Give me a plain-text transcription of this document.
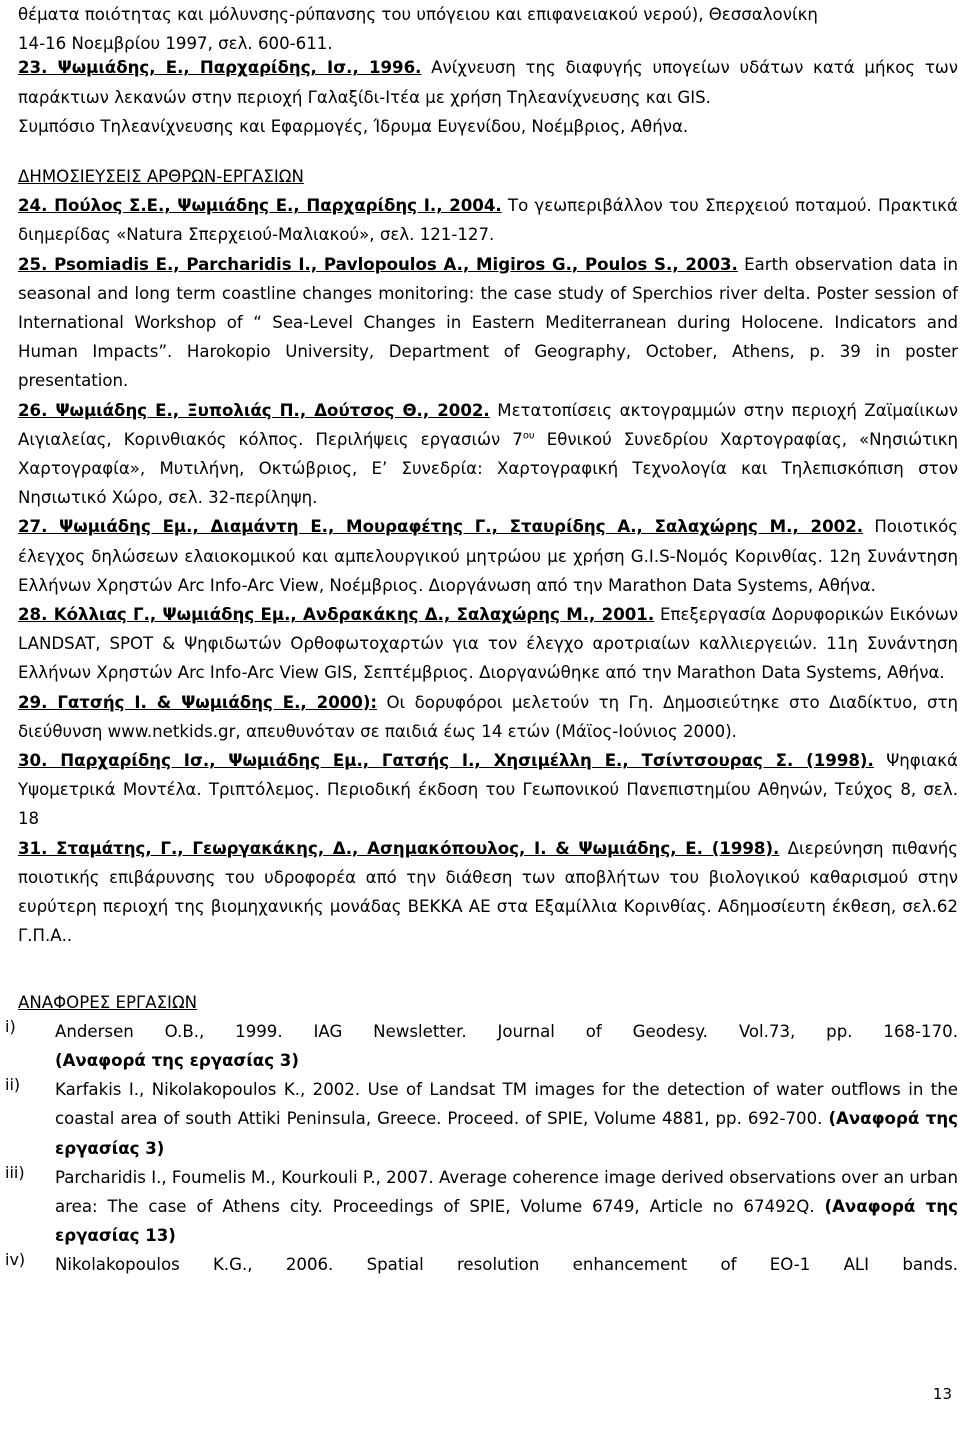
θέματα ποιότητας και μόλυνσης-ρύπανσης του υπόγειου και επιφανειακού νερού), Θεσσαλονίκη
14-16 Νοεμβρίου 1997, σελ. 600-611.

23. Ψωμιάδης, Ε., Παρχαρίδης, Ισ., 1996. Ανίχνευση της διαφυγής υπογείων υδάτων κατά μήκος των παράκτιων λεκανών στην περιοχή Γαλαξίδι-Ιτέα με χρήση Τηλεανίχνευσης και GIS.
Συμπόσιο Τηλεανίχνευσης και Εφαρμογές, Ίδρυμα Ευγενίδου, Νοέμβριος, Αθήνα.

ΔΗΜΟΣΙΕΥΣΕΙΣ ΑΡΘΡΩΝ-ΕΡΓΑΣΙΩΝ

24. Πούλος Σ.Ε., Ψωμιάδης Ε., Παρχαρίδης Ι., 2004. Το γεωπεριβάλλον του Σπερχειού ποταμού. Πρακτικά διημερίδας «Natura Σπερχειού-Μαλιακού», σελ. 121-127.

25. Psomiadis E., Parcharidis I., Pavlopoulos A., Migiros G., Poulos S., 2003. Earth observation data in seasonal and long term coastline changes monitoring: the case study of Sperchios river delta. Poster session of International Workshop of “ Sea-Level Changes in Eastern Mediterranean during Holocene. Indicators and Human Impacts”. Harokopio University, Department of Geography, October, Athens, p. 39 in poster presentation.

26. Ψωμιάδης Ε., Ξυπολιάς Π., Δούτσος Θ., 2002. Μετατοπίσεις ακτογραμμών στην περιοχή Ζαϊμαίικων Αιγιαλείας, Κορινθιακός κόλπος. Περιλήψεις εργασιών $7^{o\upsilon}$ Εθνικού Συνεδρίου Χαρτογραφίας, «Νησιώτικη Χαρτογραφία», Μυτιλήνη, Οκτώβριος, Ε’ Συνεδρία: Χαρτογραφική Τεχνολογία και Τηλεπισκόπιση στον Νησιωτικό Χώρο, σελ. 32-περίληψη.

27. Ψωμιάδης Εμ., Διαμάντη Ε., Μουραφέτης Γ., Σταυρίδης Α., Σαλαχώρης Μ., 2002. Ποιοτικός έλεγχος δηλώσεων ελαιοκομικού και αμπελουργικού μητρώου με χρήση G.I.S-Νομός Κορινθίας. 12η Συνάντηση Ελλήνων Χρηστών Arc Info-Arc View, Νοέμβριος. Διοργάνωση από την Marathon Data Systems, Αθήνα.

28. Κόλλιας Γ., Ψωμιάδης Εμ., Ανδρακάκης Δ., Σαλαχώρης Μ., 2001. Επεξεργασία Δορυφορικών Εικόνων LANDSAT, SPOT & Ψηφιδωτών Ορθοφωτοχαρτών για τον έλεγχο αροτριαίων καλλιεργειών. 11η Συνάντηση Ελλήνων Χρηστών Arc Info-Arc View GIS, Σεπτέμβριος. Διοργανώθηκε από την Marathon Data Systems, Αθήνα.

29. Γατσής Ι. & Ψωμιάδης Ε., 2000): Οι δορυφόροι μελετούν τη Γη. Δημοσιεύτηκε στο Διαδίκτυο, στη διεύθυνση www.netkids.gr, απευθυνόταν σε παιδιά έως 14 ετών (Μάϊος-Ιούνιος 2000).

30. Παρχαρίδης Ισ., Ψωμιάδης Εμ., Γατσής Ι., Χησιμέλλη Ε., Τσίντσουρας Σ. (1998). Ψηφιακά Υψομετρικά Μοντέλα. Τριπτόλεμος. Περιοδική έκδοση του Γεωπονικού Πανεπιστημίου Αθηνών, Τεύχος 8, σελ. 18

31. Σταμάτης, Γ., Γεωργακάκης, Δ., Ασημακόπουλος, Ι. & Ψωμιάδης, Ε. (1998). Διερεύνηση πιθανής ποιοτικής επιβάρυνσης του υδροφορέα από την διάθεση των αποβλήτων του βιολογικού καθαρισμού στην ευρύτερη περιοχή της βιομηχανικής μονάδας ΒΕΚΚΑ ΑΕ στα Εξαμίλλια Κορινθίας. Αδημοσίευτη έκθεση, σελ.62 Γ.Π.Α..

ΑΝΑΦΟΡΕΣ ΕΡΓΑΣΙΩΝ

i)	Andersen O.B., 1999. IAG Newsletter. Journal of Geodesy. Vol.73, pp. 168-170.

(Αναφορά της εργασίας 3)

ii)	Karfakis I., Nikolakopoulos K., 2002. Use of Landsat TM images for the detection of water outflows in the coastal area of south Attiki Peninsula, Greece. Proceed. of SPIE, Volume 4881, pp. 692-700. (Αναφορά της εργασίας 3)

iii)	Parcharidis I., Foumelis M., Kourkouli P., 2007. Average coherence image derived observations over an urban area: The case of Athens city. Proceedings of SPIE, Volume 6749, Article no 67492Q. (Αναφορά της εργασίας 13)

iv)	Nikolakopoulos K.G., 2006. Spatial resolution enhancement of EO-1 ALI bands.

13
